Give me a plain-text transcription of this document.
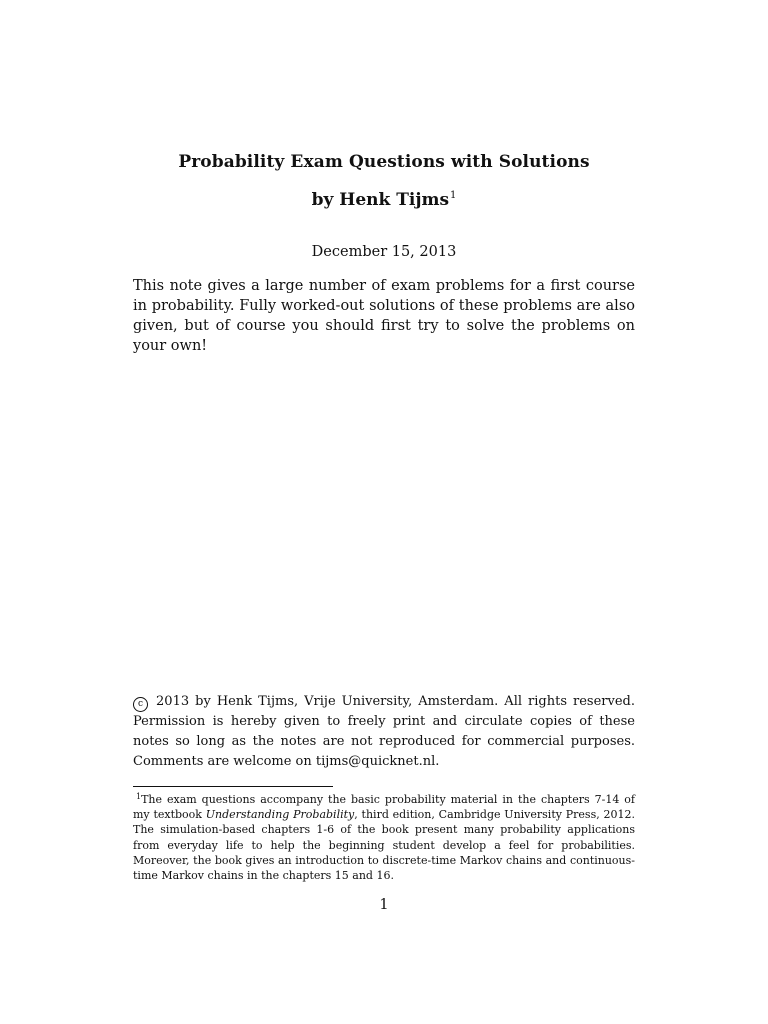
Probability Exam Questions with Solutions
by Henk Tijms$^1$
December 15, 2013
This note gives a large number of exam problems for a first course in probability. Fully worked-out solutions of these problems are also given, but of course you should first try to solve the problems on your own!
c 2013 by Henk Tijms, Vrije University, Amsterdam. All rights reserved. Permission is hereby given to freely print and circulate copies of these notes so long as the notes are not reproduced for commercial purposes. Comments are welcome on tijms@quicknet.nl.
$^1$The exam questions accompany the basic probability material in the chapters 7-14 of my textbook Understanding Probability, third edition, Cambridge University Press, 2012. The simulation-based chapters 1-6 of the book present many probability applications from everyday life to help the beginning student develop a feel for probabilities. Moreover, the book gives an introduction to discrete-time Markov chains and continuous-time Markov chains in the chapters 15 and 16.
1
